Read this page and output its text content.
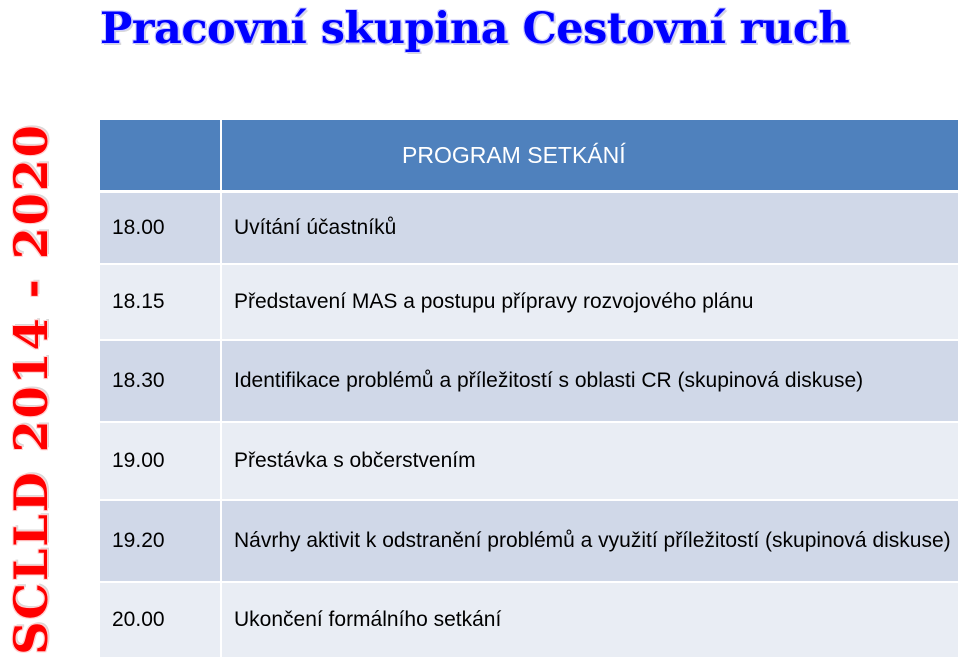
Pracovní skupina Cestovní ruch
SCLLD 2014 - 2020
		PROGRAM SETKÁNÍ
18.00	Uvítání účastníků
18.15	Představení MAS a postupu přípravy rozvojového plánu
18.30	Identifikace problémů a příležitostí s oblasti CR (skupinová diskuse)
19.00	Přestávka s občerstvením
19.20	Návrhy aktivit k odstranění problémů a využití příležitostí (skupinová diskuse)
20.00	Ukončení formálního setkání
